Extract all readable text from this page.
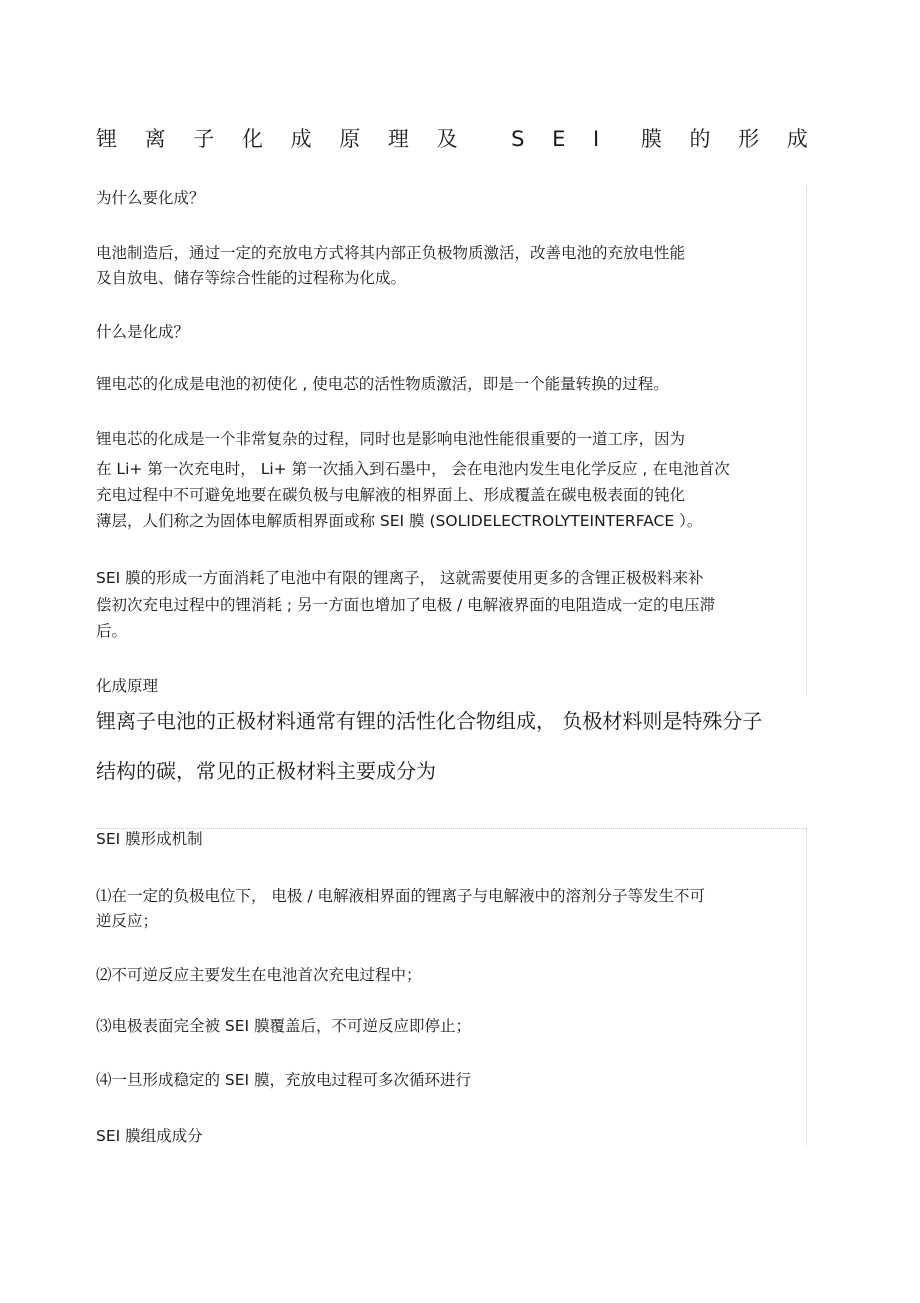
锂 离 子 化 成 原 理 及	S E I 膜 的 形 成
为什么要化成？
电池制造后，通过一定的充放电方式将其内部正负极物质激活，改善电池的充放电性能
及自放电、储存等综合性能的过程称为化成。
什么是化成？
锂电芯的化成是电池的初使化 , 使电芯的活性物质激活，即是一个能量转换的过程。
锂电芯的化成是一个非常复杂的过程，同时也是影响电池性能很重要的一道工序，因为
在 Li+ 第一次充电时， Li+ 第一次插入到石墨中， 会在电池内发生电化学反应 , 在电池首次
充电过程中不可避免地要在碳负极与电解液的相界面上、形成覆盖在碳电极表面的钝化
薄层，人们称之为固体电解质相界面或称 SEI 膜 (SOLIDELECTROLYTEINTERFACE ）。
SEI 膜的形成一方面消耗了电池中有限的锂离子， 这就需要使用更多的含锂正极极料来补
偿初次充电过程中的锂消耗 ; 另一方面也增加了电极 / 电解液界面的电阻造成一定的电压滞
后。
化成原理
锂离子电池的正极材料通常有锂的活性化合物组成， 负极材料则是特殊分子
结构的碳，常见的正极材料主要成分为
SEI 膜形成机制
⑴在一定的负极电位下， 电极 / 电解液相界面的锂离子与电解液中的溶剂分子等发生不可
逆反应；
⑵不可逆反应主要发生在电池首次充电过程中；
⑶电极表面完全被 SEI 膜覆盖后，不可逆反应即停止；
⑷一旦形成稳定的 SEI 膜，充放电过程可多次循环进行
SEI 膜组成成分
